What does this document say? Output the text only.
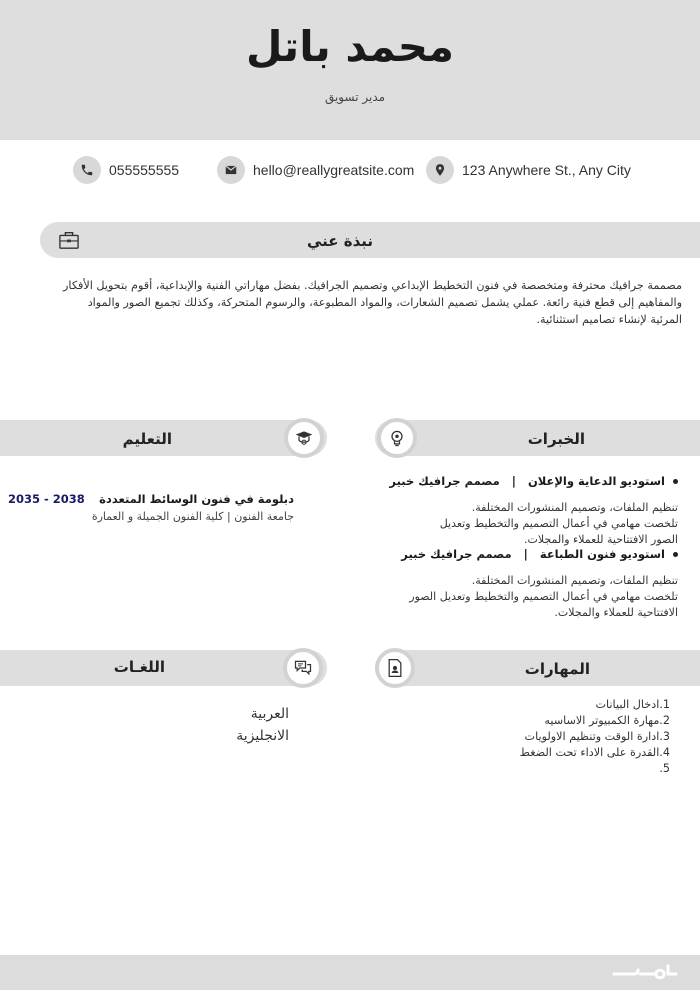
محمد باتل
مدير تسويق
055555555	hello@reallygreatsite.com	123 Anywhere St., Any City
نبذة عني
مصممة جرافيك محترفة ومتخصصة في فنون التخطيط الإبداعي وتصميم الجرافيك. بفضل مهاراتي الفنية والإبداعية، أقوم بتحويل الأفكار والمفاهيم إلى قطع فنية رائعة. عملي يشمل تصميم الشعارات، والمواد المطبوعة، والرسوم المتحركة، وكذلك تجميع الصور والمواد المرئية لإنشاء تصاميم استثنائية.
الخبرات
التعليم
استوديو الدعاية والإعلان|مصمم جرافيك خبير
تنظيم الملفات، وتصميم المنشورات المختلفة.
تلخصت مهامي في أعمال التصميم والتخطيط وتعديل
الصور الافتتاحية للعملاء والمجلات.
استوديو فنون الطباعة|مصمم جرافيك خبير
تنظيم الملفات، وتصميم المنشورات المختلفة.
تلخصت مهامي في أعمال التصميم والتخطيط وتعديل الصور
الافتتاحية للعملاء والمجلات.
دبلومة في فنون الوسائط المتعددة
جامعة الفنون | كلية الفنون الجميلة و العمارة
2035 - 2038
المهارات
اللغـات
1.ادخال البيانات
2.مهارة الكمبيوتر الاساسيه
3.ادارة الوقت وتنظيم الاولويات
4.القدرة على الاداء تحت الضغط
5.
العربية
الانجليزية
